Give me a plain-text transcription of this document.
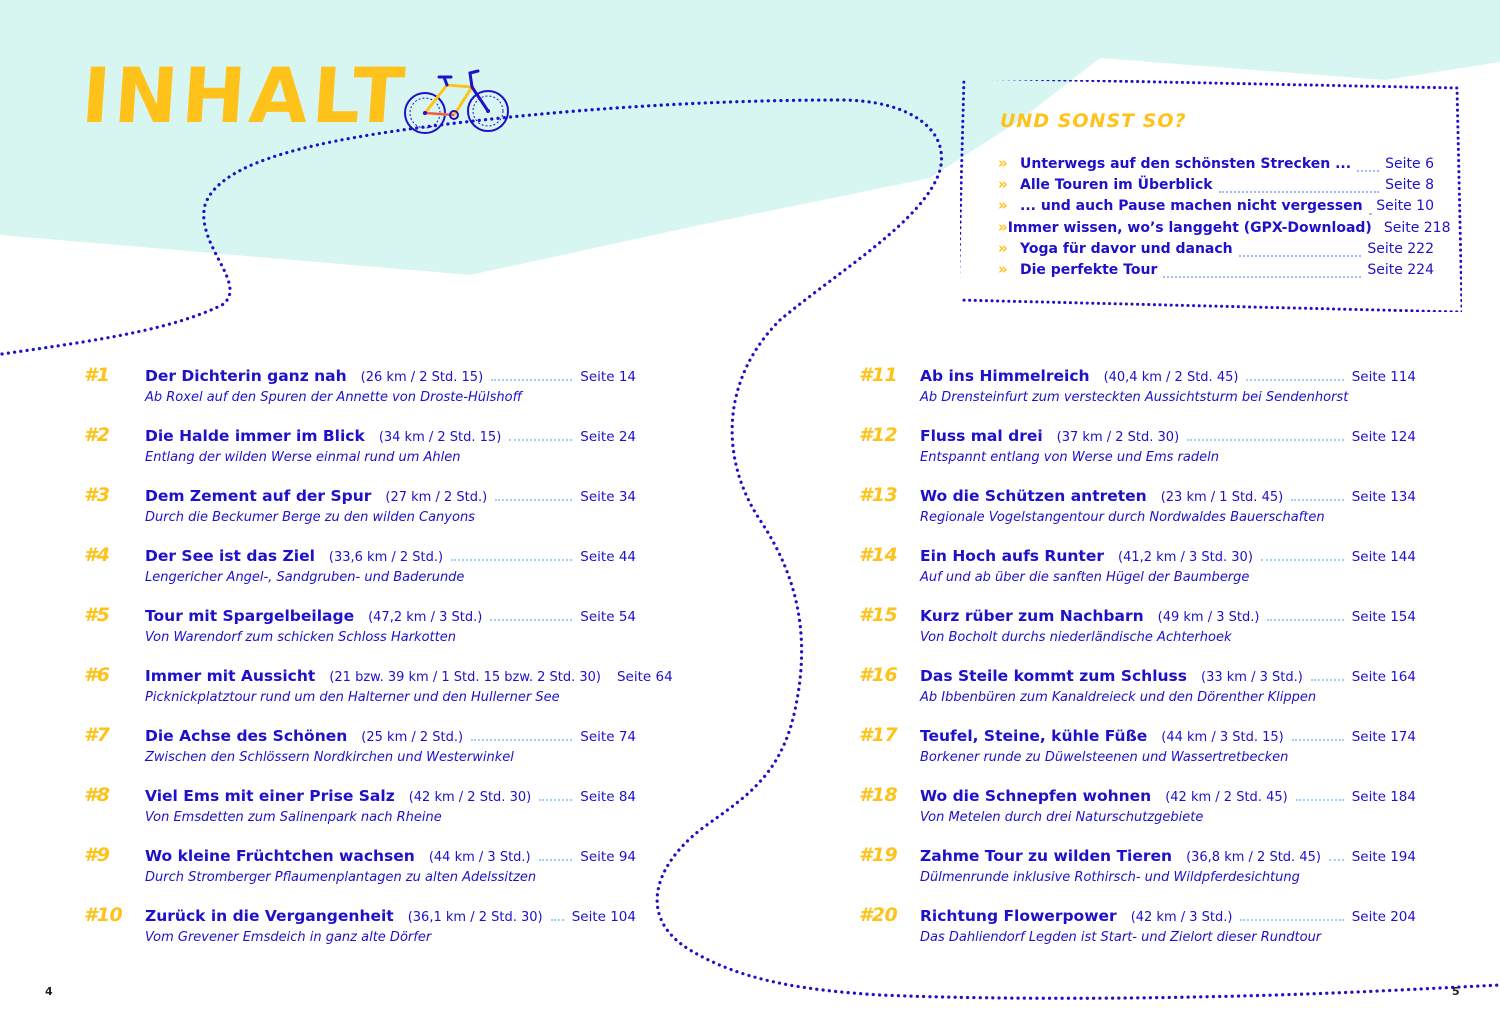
INHALT	UND SONST SO?
» Unterwegs auf den schönsten Strecken ... Seite 6
» Alle Touren im Überblick	Seite 8
» ... und auch Pause machen nicht vergessen Seite 10
» Immer wissen, wo’s langgeht (GPX-Download) Seite 218
» Yoga für davor und danach	Seite 222
» Die perfekte Tour	Seite 224
#1 Der Dichterin ganz nah (26 km / 2 Std. 15)	Seite 14
Ab Roxel auf den Spuren der Annette von Droste-Hülshoff
#2 Die Halde immer im Blick (34 km / 2 Std. 15)	Seite 24
Entlang der wilden Werse einmal rund um Ahlen
#3 Dem Zement auf der Spur (27 km / 2 Std.)	Seite 34
Durch die Beckumer Berge zu den wilden Canyons
#4 Der See ist das Ziel (33,6 km / 2 Std.)	Seite 44
Lengericher Angel-, Sandgruben- und Baderunde
#5 Tour mit Spargelbeilage (47,2 km / 3 Std.)	Seite 54
Von Warendorf zum schicken Schloss Harkotten
#6 Immer mit Aussicht (21 bzw. 39 km / 1 Std. 15 bzw. 2 Std. 30) Seite 64
Picknickplatztour rund um den Halterner und den Hullerner See
#7 Die Achse des Schönen (25 km / 2 Std.)	Seite 74
Zwischen den Schlössern Nordkirchen und Westerwinkel
#8 Viel Ems mit einer Prise Salz (42 km / 2 Std. 30)	Seite 84
Von Emsdetten zum Salinenpark nach Rheine
#9 Wo kleine Früchtchen wachsen (44 km / 3 Std.)	Seite 94
Durch Stromberger Pflaumenplantagen zu alten Adelssitzen
#10 Zurück in die Vergangenheit (36,1 km / 2 Std. 30) Seite 104
Vom Grevener Emsdeich in ganz alte Dörfer
#11 Ab ins Himmelreich (40,4 km / 2 Std. 45)	Seite 114
Ab Drensteinfurt zum versteckten Aussichtsturm bei Sendenhorst
#12 Fluss mal drei (37 km / 2 Std. 30)	Seite 124
Entspannt entlang von Werse und Ems radeln
#13 Wo die Schützen antreten (23 km / 1 Std. 45)	Seite 134
Regionale Vogelstangentour durch Nordwaldes Bauerschaften
#14 Ein Hoch aufs Runter (41,2 km / 3 Std. 30)	Seite 144
Auf und ab über die sanften Hügel der Baumberge
#15 Kurz rüber zum Nachbarn (49 km / 3 Std.)	Seite 154
Von Bocholt durchs niederländische Achterhoek
#16 Das Steile kommt zum Schluss (33 km / 3 Std.)	Seite 164
Ab Ibbenbüren zum Kanaldreieck und den Dörenther Klippen
#17 Teufel, Steine, kühle Füße (44 km / 3 Std. 15)	Seite 174
Borkener runde zu Düwelsteenen und Wassertretbecken
#18 Wo die Schnepfen wohnen (42 km / 2 Std. 45)	Seite 184
Von Metelen durch drei Naturschutzgebiete
#19 Zahme Tour zu wilden Tieren (36,8 km / 2 Std. 45) Seite 194
Dülmenrunde inklusive Rothirsch- und Wildpferdesichtung
#20 Richtung Flowerpower (42 km / 3 Std.)	Seite 204
Das Dahliendorf Legden ist Start- und Zielort dieser Rundtour
4	5
